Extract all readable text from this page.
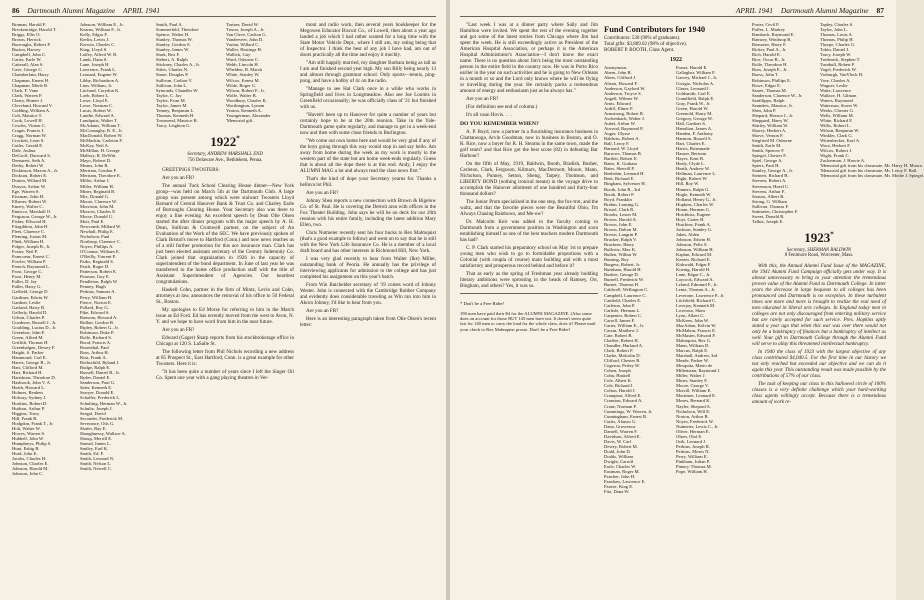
86 Dartmouth Alumni Magazine APRIL 1941
Braman, Harold F.
Breckenridge, Harold T.
Briggs, Ellis O.
Brown, Herrick
Burroughs, Robert P.
Burton, Harvey
Campbell, John C.
Carter, Earle W.
Catterall, Alan S.
Cave, George C.
Chamberlain, Harry
Chapman, Ernest H.
Chapman, Merle R.
Clark, F. Vane
Clark, Warren P.
Cleary, Homer J.
Cleveland, Howard V.
Codding, William A.
Colt, Maurice T.
Cook, Lowell H.
Cowles, Vinton C.
Cragin, Francis J.
Cragg, Norman W.
Crockett, Leon S.
Cutler, Gerald E.
Dale, Joshua
DeGroff, Durward S.
Demarest, Seth A.
Derby, Robert W.
Dickinson, Maxon A., Jr.
Dickson, Robert E.
Dutton, Willard M.
Duryea, Arthur W.
Ege, Warren S.
Eissman, John H.
Ellsmer, Robert W.
Emery, Walter C.
Ennicco, Marshall O.
Ferguson, George W., Jr.
Fisher, Ellwood H.
Fitzgibbon, John H.
Fleet, Clarence C.
Fleming, Justus M.
Flink, William H.
Folger, Joseph B., Jr.
Foster, Neil P.
Francoeur, Ernest C.
Fowler, William P.
French, Raymond L.
Frost, George C.
Frost, Henry M.
Fuller, D. Jay
Fuller, Harry G.
Gaffield, George D.
Gardiner, Edwin W.
Gardner, Leslie
Garland, Harry B.
Gellerly, Harold D.
Gilson, Charles P.
Goodnow, Russell J., Jr.
Goulding, Lucius D., Jr.
Greenlaw, John F.
Green, Alfred M.
Griffith, Thomas H.
Greenhalgen, Dewey F.
Haight, S. Parker
Hammond, Carl E.
Harris, George B., Jr.
Hart, Clifford M.
Hart, Richard H.
Hartshorn, Theodore D.
Hasbrook, John V. A.
Heath, Howard L.
Holmes, Reuben
Holway, Sydney J.
Hoskins, Robert D.
Hudson, Arthur P.
Higgins, Tracy
Hill, Frank R.
Hodgdon, Frank T., Jr.
Holt, Walter W.
Howes, Warren S.
Hubbell, John W.
Humphreys, Philip S.
Hunt, Ezbig B.
Hurd, John E.
Jacobs, Charles H.
Johnson, Charles E.
Johnson, Harold M.
Johnson, John C.
Johnson, William E., Jr.
Kearns, William F., Jr.
Kelly, Edgar F.
Kerlin, Lewis J.
Kerwin, Charles C.
King, Lloyd S.
Laffey, Alfred W. B.
Lamb, Dana S.
Lane, Joseph H.
Lawrence, Frank L.
Leonard, Eugene W.
Libby, Richardson A.
Linn, William, Jr.
Litchard, Corydon K.
Loeb, Robert L.
Lowe, Lloyd E.
Lowe, Norman C.
Lucas, Robert W.
Lundie, Edward A.
Lundquist, Walter T.
McAdams, William T.
McConaughy, R. E., Jr.
MacDonald, Robert W.
McMackin, Carleton F.
McKay, Neil A.
McMillan, H. George
Mallory, R. DeWitt
Mayo, Robert D.
Means, John R.
Merriam, Gordon F.
Merriam, Theodore E.
Miller, Arthur J.
Miller, William H.
Miner, Reginald B.
Mix, Donald G.
Moore, Clarence W.
Morrison, John M.
Morrow, Charles E.
Morse, Donald G.
Mott, Paul E.
Newcomb, Millard W.
Newhall, Philip E.
Nicholson, Paul
Northrup, Clarence C.
Noyes, Phillips A.
O'Connor, William E.
O'Reilly, Vincent P.
Parks, Reginald S.
Patch, Roger D.
Patterson, Robert E.
Pearson, Guy E.
Pendleton, Ralph W.
Penney, Hugh
Perkins, Sumner A.
Perry, William H.
Pierce, Norton E.
Pollard, Roy G.
Pike, Edward S.
Ransom, Howard A.
Ridlon, Gordon R.
Ripley, Robert G., Jr.
Robinson, Duke P.
Rolfe, Richard S.
Rood, Francis A.
Rosenthal, Paul
Ross, Arthur H.
Rost, Frank A.
Rothschild, Ryland J.
Rudge, Ralph E.
Russell, Daniel B., Jr.
Ryder, Daniel E.
Sanderson, Paul G.
Sater, Kenneth E.
Sawyer, Donald E.
Schaffer, Frederick L.
Schulting, Herman W., Jr.
Schultz, Joseph J.
Seegal, David
Seconder, Frederick M.
Severance, Otis G.
Shafer, Ray E.
Shaughnessy, Wallace A.
Shoup, Merrill E.
Smead, James L.
Smiley, Earl K.
Smith, Ed. F.
Smith, Leonard N.
Smith, Nelson L.
Smith, Newell C.
Smith, Paul A.
Sommerfeld, Theodore
Spence, Walter H.
Stanley, Thomas W.
Stanley, Gordon S.
Stanley, James W.
Stark, Rex F.
Stebert, A. Ralph
Stickney, Charles A., Jr.
Stiles, Charles N.
Stone, Douglas P.
Sullivan, Carlton V.
Sullivan, John L.
Symonds, Chandler W.
Taylor, C. Jay
Taylor, Evan M.
Taylor, James M.
Tenney, Benjamin L.
Thomas, Kenneth H.
Townsend, Maurice B.
Tracy, Leighton G.
Trainer, David W.
Tuxon, Joseph A., Jr.
Van Cleve, Carlton G.
Vanderveer, John D.
Varian, Willard C.
Waller, Hastings H.
Wallick, Guy
Ward, Osborne C.
Webb, Lincoln H.
Whelden, B. Marsh
White, Stanley W.
Wilcox, Ernest M.
Wilde, Roger G.
Wilson, Robert F., Jr.
Wolfe, Walter B.
Woodbury, Charles K.
Worthington, Lyman
Yeaton, Kenneth A.
Youngerman, Alexander
'Memorial gift.
1922*
Secretary, ANDREW MARSHALL END
756 Delaware Ave., Bethlehem, Penna.

GREETINGS TWOSTERS:

Are you an FR?

The annual Tuck School Clearing House dinner—New York group—was held on March 5th at the Dartmouth Club. A large group was present among which were stalwart Twosters Lloyd Barnard of Central Hanover Bank & Trust Co. and Charley Earle of Burroughs Clearing House. Your Secretary also was there to enjoy a fine evening. An excellent speech by Dean Olie Olsen started the after dinner program with the major speech by A. H. Dean, Sullivan & Cromwell partner, on the subject of An Evaluation of the Work of the SEC. We have previously spoken of Clark Bristol's move to Hartford (Conn.) and now news reaches us of a still further promotion for this ace insurance man. Clark has just been elected assistant secretary of the Century Indemnity Co. Clark joined that organization in 1926 in the capacity of superintendent of the bond department. In June of last year he was transferred to the home office production staff with the title of Assistant Superintendent of Agencies. Our heartiest congratulations.

Haskell Cohn, partner in the firm of Mintz, Levin and Cohn, attorneys at law, announces the removal of his office to 50 Federal St., Boston.

My apologies to Ed Morse for referring to him in the March issue as Ed Ford. Ed has recently moved from the west to Avon, N. Y. and we hope to have word from him in the near future.

Are you an FR?

Edward (Gager) Sharp reports from his stockbrokerage office in Chicago at 120 S. LaSalle St.

The following letter from Phil Nichols recording a new address at 85 Prospect St., East Hartford, Conn. is a great example for other Twosters. Here it is:

"It has been quite a number of years since I left the Singer Oil Co. Spent one year with a gang playing theatres in Ver-

mont and radio work, then several years bookkeeper for the Megowen Educator Biscuit Co., of Lowell, then about a year ago landed a job which I had rather wanted for a long time with the State Motor Vehicle Dept., where I still am, my rating being that of Inspector. I think the best of any job I have had, am out of doors practically all the time and enjoy it muchly.

"Am still happily married, my daughter Barbara being as tall as I am and finished second year high. My son Billy being nearly 13 and almost through grammar school. Only sports—tennis, ping-pong, and have a hobby of 4c on the radio.

"Manage to see Hal Clark once in a while who works in Springfield and lives in Longmeadow. Also see Joe Loomis in Greenfield occasionally; he was officially class of '21 but finished with us.

"Haven't been up to Hanover for quite a number of years but certainly hope to be at the 20th reunion. Take in the Yale-Dartmouth game quite regularly, and manage to get in a week-end now and then with some close friends in Burlington.

"We come out own home here and would be very glad if any of the boys going through this way would stop in and say hello. Am away from home during the week as my work is mostly in the western part of the state but am home week-ends regularly. Guess that is about all the dope there is at this end. Andy, I enjoy the ALUMNI MAG a lot and always read the class news first."

That's the kind of dope your Secretary yearns for. Thanks a helluva lot Phil.

Are you an FR?

Johnny Sbea reports a new connection with Brown & Bigelow Co. of St. Paul. He is covering the Detroit area with offices in the Fox Theater Building. John says he will be on deck for our 20th reunion with his entire family, including the latest addition Mary Ellen, two.

Chris Nutmeier recently sent his four bucks to Rex Malmquist (that's a good example to follow) and went on to say that he is still with the New York Life Insurance Co. He is a member of a local draft board and has other interests in Richmond Hill, New York.

I was very glad recently to hear from Walter (Ike) Miller, outstanding bank of Peoria. He annually has the privilege of interviewing applicants for admission to the college and has just completed his assignment on this year's batch.

From Win Batchelder secretary of '19 comes word of Johnny Wester. John is connected with the Cambridge Rubber Company and evidently does considerable traveling as Win ran into him in Akron Johnny, I'd like to hear from you.

Are you an FR?

Here is an interesting paragraph taken from Olie Olsen's recent letter:

APRIL 1941 Dartmouth Alumni Magazine 87

"Last week I was at a dinner party where Sally and Jim Hamilton were invited. We spent the rest of the evening together and got some of the latest stories from Chicago where Jim had spent the week. He is still exceedingly active as President of the American Hospital Association, or perhaps it is the American Hospital Administrator's Association—I don't know the exact name. There is no question about Jim's being the most outstanding person in the entire field in the country now. He was in Porto Rico earlier in the year on such activities and he is going to New Orleans in a month or so and the Lord only knows where he will be flying or travelling during the year. He certainly packs a tremendous amount of energy and enthusiasm just as he always has."

Are you an FR?

(For definition see end of column.)

It's all vaun Hovis. . . .

DO YOU REMEMBER WHEN?

A. P. Boyd, now a partner in a flourishing insurance business in Chattanooga, Arvin Goodman, now in business in Boston, and O. R. Rice, now a buyer for R. H. Stearns in the same town, made the golf team? and that Rice got the best score (82) in defeating Bar Harbour?

On the fifth of May, 1919, Baldwin, Booth, Bradish, Busher, Carleton, Clark, Ferguson, Kilmarx, MacDermott, Moore, Mann, Nicholson, Punney, Setton, Sheng, Tarpey, Thomson, and LIBERTY BOND (nothing ironical meant) in the voyage drive to accomplish the Hanover allotment of one hundred and thirty-four thousand dollars?

The Junior Prom specialized in the one step, the fox-trot, and the waltz, and that the favorite pieces were the Beautiful Ohio, I'm Always Chasing Rainbows, and Me-ow?

Dr. Malcolm Keir was added to the faculty coming to Dartmouth from a government position in Washington and soon establishing himself as one of the best teachers modern Dartmouth has had?

C. P. Clark started his preparatory school on May 1st to prepare young men who wish to go to formidable proportions with a Colonial (with coupla of course) main building and with a most satisfactory and prosperous record behind and before it?

That as early as the spring of Freshman year already budding literary ambitions were sprouting in the heads of Ramsey, Orr, Bingham, and others? Yes, it was so.

* Don't be a Free Rider!

190 men have paid their $4 for the ALUMNI MAGAZINE. (Also some dues on account for those BUT 145 men have not. It doesn't seem quite fair for 140 men to carry the load for the whole class, does it? Please mail your check to Rex Malmquist prosto. Don't be a Free Rider!

Fund Contributors for 1940
Contributors: 530 (90% of graduates).
Total gifts: $3,809.02 (98% of objective).
ROBERT P. BOOTH, Class Agent.
1922
Anonymous
Abern, John R.
Akers, Clifford J.
Alison, Howard F.
Anderson, Gaylord W.
Anderson, Troyce S.
Angell, Wilmer W.
Arnis, Edward
Ardiff, Elmer F.
Armstrong, Robert R.
Aschenbach, Walter J.
Aubel, Arthur W.
Atwood, Raymond P.
Auger, Ulysse
Baldwin, Robert A.
Ball, Leroy F.
Barnard, W. Lloyd
Barrows, Thomas B.
Bartlett, Robert E.
Bates, K. Graham
Bates, Sherrill P.
Benbshin, Leonard H.
Bent, Richard E.
Bingham, Sylvester H.
Booth, John R., 3rd
Booth, Robert P.
Boyd, Franklin
Brabin, Lansing G.
Bristol, Clark R.
Brooks, Lester M.
Brown, Harold A.
Brown, John E.
Brown, Dalton M.
Brown, Langrin P.
Brucker, Ralph V.
Bruckner, Harry
Bullwitz, Max K.
Bullen, Wilbur W.
Bunting, Roy
Burgess, Robert, Jr.
Burnham, Harold H.
Bushee, George D.
Burnell, Frederick W.
Burnet, Thomas H.
Caldwell, Wellington C.
Campbell, Laurence C.
Canfield, Charles E.
Carleton, John P.
Carlisle, Herman L.
Carpenter, Robert C.
Carroll, James F.
Carter, William E., Jr.
Cassin, Matthew J.
Cate, Robert B.
Chaffee, Robert H.
Chandler, Harland A.
Clark, Robert F.
Clarke, Malcolm D.
Clifford, Chester B.
Cogeron, Perley W.
Cohen, Joseph
Cohn, Haskell
Cole, Albert K.
Cole, Richard J.
Colton, Harold J.
Crampton, Alfred E.
Cranston, Edward A.
Crane, Norman F.
Cummings, W. Warren, Jr.
Cunningham, Ernest B.
Curtis, Alonzo G.
Dana, Grosvenor
Daniell, Warren F.
Davidson, Alfred E.
Davis, W. Carl
Dewey, Robert M.
Dodd, John D.
Dodds, William
Dwight, Carroll
Earle, Charles W.
Eastman, Roger M.
Fancher, John H.
Fanshaw, Lawrence E.
Fauver, King E.
Fitz, Dana W.
Fraser, Harold E.
Gallagher, William F.
Garvey, Michael J., Jr.
Giorgio, Nicholas A.
Glazer, Leonard J.
Goldsmith, Carl E.
Grandfield, Ralph E.
Gray, Frank W., Jr.
Green, Harold W.
Greenold, Harry M.
Gregory, George W.
Hall, Gardner S.
Hamilton, James A.
Handen, F. Anthony
Harmon, Russell S.
Hart, Charles E.
Harris, Brinsmade
Hauser, Bertram
Hayes, Kent B.
Healy, Clyde L.
Heath, Andrew W.
Hellman, Laurence L.
Hight, Robert W.
Hill, Roy W.
Hinners, Ralph G.
Hogle, Kenneth W.
Holland, Henry G., Jr.
Hopkins, Charles W.
Horan, Herman G.
Hotchkiss, Eugene
Hoyt, Carter H.
Hutchins, Frank A.
Jackson, Stanley G.
Jakes, Alden
Johnson, Edwin H.
Johnson, Felix S.
Johnson, William H.
Kaplan, Edward M.
Keezer, Richard E.
Kirkwald, Edgar F.
Koenig, Harold H.
Lane, Edgar C., Jr.
Laycock, Edward A.
Leland, Edmund F., Jr.
Lentz, Thomas A., Jr.
Leverone, Lawrence P., Jr.
Litchfield, Richard C.
Lovejoy, Kenneth M.
Loverour, Shaw
Lyon, Albert C.
McKeen, John W.
MacAdam, Kelvin W.
McMahon, Francis E.
McMaster, Edward F.
Malmquist, Rex G.
Mann, William D.
Marcus, Ralph E.
Marshall, Andrew, 3rd
Meade, Parker W.
Mesquita, Mario de
Millemann, Raymond J.
Miller, Walter J.
Miner, Stanley F.
Moore, George V.
Morrill, William E.
Mortimer, Leonard E.
Moses, Bernard K.
Nayler, Shepard A.
Nicholson, Will E.
Norton, Arthur B.
Noyes, Frederick W.
Nutmeier, Lewis C., Jr.
Oliver, Herman E.
Olsen, Olaf E.
Orth, Leonard J.
Perkins, Joseph R.
Perkins, Moses N.
Perry, William E.
Pinkham, Julian P.
Pinney, Thomas M.
Pope, William H.
Porter, Cecil F.
Puffer, L. Markey
Rambach, Raymond E.
Ramsey, Winthrop B.
Reasoner, Harry F.
Ricker, Paul A., Jr.
Rich, Harold E.
Rice, Oscar R., Jr.
Rolfe, Theodore H.
Ross, Joseph E., Jr.
Ruess, John T.
Robinson, Phillips E.
Rowe, Edgar E.
Saaret, Thomas M.
Sanderson, Clarence W., Jr.
Sanfilippo, Ralph
Saunders, Maurice, Jr.
Shea, John P.
Shepard, Horace J., Jr.
Sheppard, Harry W.
Shirley, William W.
Shorey, Herbert A.
Shove, Vernon F.
Siegfried M. Osborne
Smith, Earle M.
Smith, Spencer F.
Spiegel, Chester F.
Spiel, George A.
Spiers, Paul H.
Stanley, George A., Jr.
Steinert, Richard H.
Stevens, Robert A.
Stevenson, Hazel C.
Stevens, Arthur F.
Strauss, Albert B.
Strong, G. William
Sullivan, Thomas F.
Suttmeier, Christopher F.
Sweet, Donald R.
Talbot, Joseph E.
Tapley, Charles S.
Taylor, John L.
Thomas, Louis A.
Thomas, Philip H.
Thorpe, Charles G.
Tobin, Daniel J.
Tracy, Joseph W.
Tredenick, Stephen T.
Turnbull, Robert F.
Vogel, Frederick W.
Vorburgh, VanVleck H.
Vose, Charles A.
Wagner, Leslie
Waite, Lawrence
Wallace, H. Gilman
Waters, Raymond
Watterson, Storer W.
Weeks, Chester G.
Wells, William M.
White, Richard F.
Willis, Robert L.
Wilson, Benjamin W.
Winkler, Clark G.
Wittenbecker, Karl A.
Woot, Herbert F.
Wilcox, Robert J.
Wight, Frank C.
Zuckerman, J. Harvie A.
'Memorial gift from his classmate, Mr. Harry H. Moore.
'Memorial gift from his classmate, Mr. Leroy F. Ball.
'Memorial gift from his classmate, Mr. Modie J. Spiegel.
1923*
Secretary, SHERMAN BALDWIN
8 Fenimore Road, Worcester, Mass.

With this, the Annual Alumni Fund Issue of the MAGAZINE, the 1941 Alumni Fund Campaign officially gets under way. It is almost unnecessary to bring to your attention the tremendous proven value of the Alumni Fund to Dartmouth College. In latter years the decrease in large bequests to all colleges has been pronounced and Dartmouth is no exception. In these turbulent times one more and more is brought to realize the real need of men educated in liberal arts colleges. In England today men in colleges are not only discouraged from entering military service but are rarely accepted for such service. Pres. Hopkins aptly stated a year ago that when this war was over there would not only be a bankruptcy of finances but a bankruptcy of intellect as well. Your gift to Dartmouth College through the Alumni Fund will serve to allay this threatened intellectual bankruptcy.

In 1940 the class of 1923 with the largest objective of any class contributed $4,040.5. For the first time in our history we not only reached but exceeded our objective and we can do it again this year. This outstanding result was made possible by the contributions of 57% of our class.

The task of keeping our class in this hallowed circle of 100% classes is a very definite challenge which your hard-working class agents willingly accept. Because there is a tremendous amount of work re-
